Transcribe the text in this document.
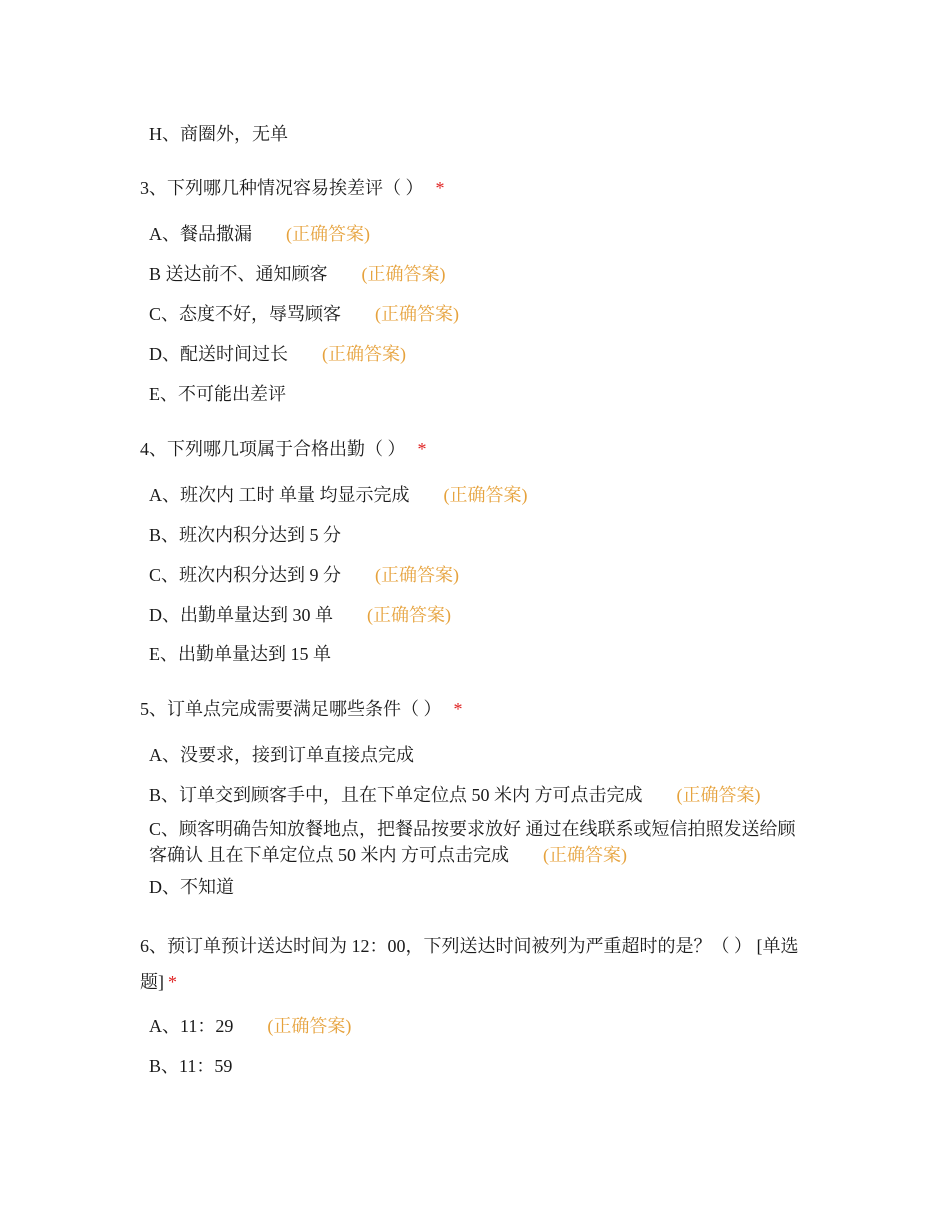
H、商圈外，无单
3、下列哪几种情况容易挨差评（ ） *
A、餐品撒漏 (正确答案)
B 送达前不、通知顾客 (正确答案)
C、态度不好，辱骂顾客 (正确答案)
D、配送时间过长 (正确答案)
E、不可能出差评
4、下列哪几项属于合格出勤（ ） *
A、班次内 工时 单量 均显示完成 (正确答案)
B、班次内积分达到 5 分
C、班次内积分达到 9 分 (正确答案)
D、出勤单量达到 30 单 (正确答案)
E、出勤单量达到 15 单
5、订单点完成需要满足哪些条件（ ） *
A、没要求，接到订单直接点完成
B、订单交到顾客手中，且在下单定位点 50 米内 方可点击完成 (正确答案)
C、顾客明确告知放餐地点，把餐品按要求放好 通过在线联系或短信拍照发送给顾客确认 且在下单定位点 50 米内 方可点击完成 (正确答案)
D、不知道
6、预订单预计送达时间为 12：00，下列送达时间被列为严重超时的是？（ ） [单选题] *
A、11：29 (正确答案)
B、11：59
